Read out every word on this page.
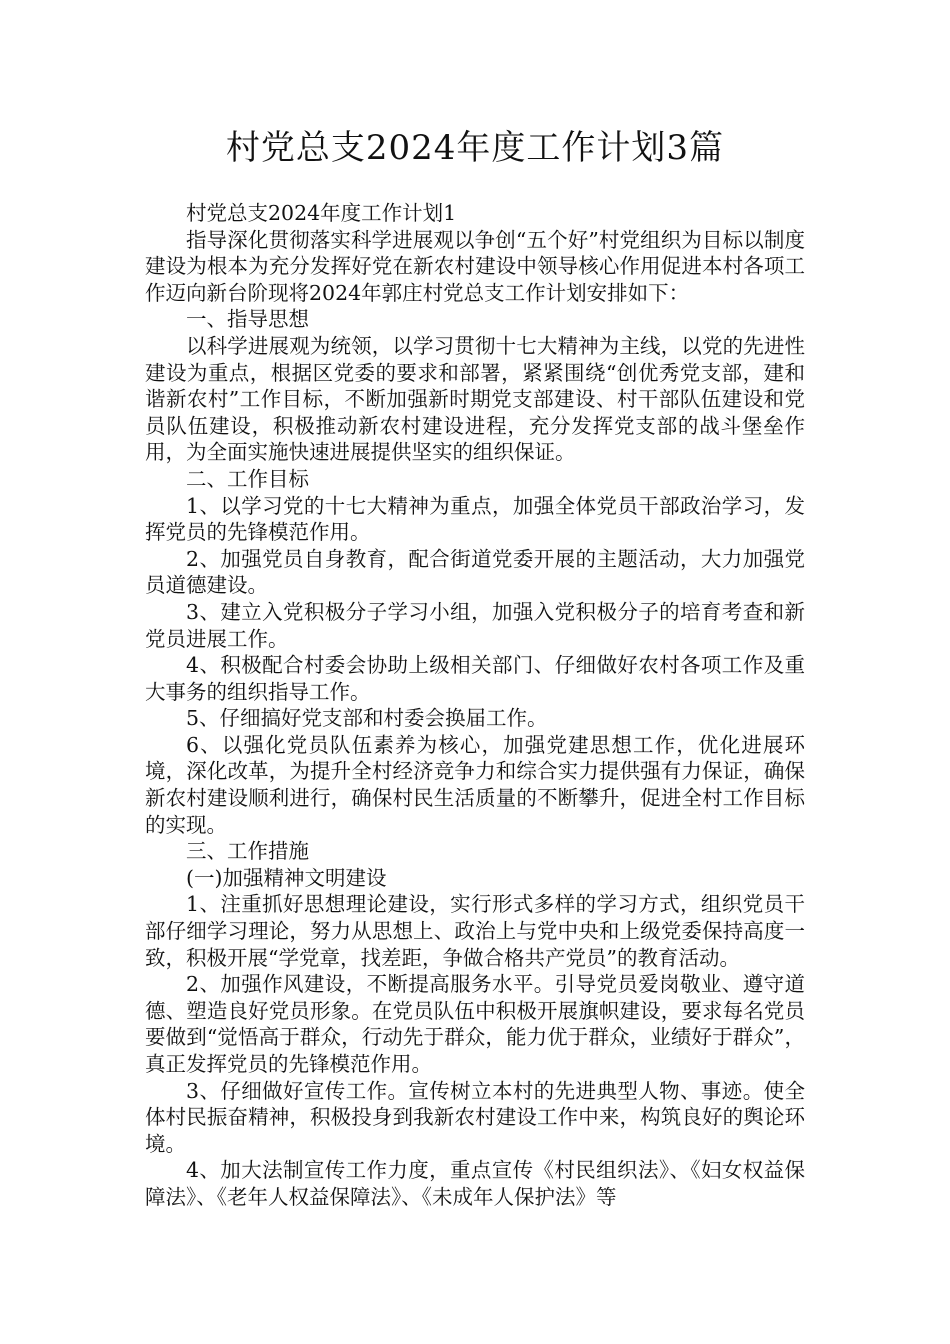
村党总支2024年度工作计划3篇

村党总支2024年度工作计划1

指导深化贯彻落实科学进展观以争创“五个好”村党组织为目标以制度建设为根本为充分发挥好党在新农村建设中领导核心作用促进本村各项工作迈向新台阶现将2024年郭庄村党总支工作计划安排如下：

一、指导思想

以科学进展观为统领，以学习贯彻十七大精神为主线，以党的先进性建设为重点，根据区党委的要求和部署，紧紧围绕“创优秀党支部，建和谐新农村”工作目标，不断加强新时期党支部建设、村干部队伍建设和党员队伍建设，积极推动新农村建设进程，充分发挥党支部的战斗堡垒作用，为全面实施快速进展提供坚实的组织保证。

二、工作目标

1、以学习党的十七大精神为重点，加强全体党员干部政治学习，发挥党员的先锋模范作用。

2、加强党员自身教育，配合街道党委开展的主题活动，大力加强党员道德建设。

3、建立入党积极分子学习小组，加强入党积极分子的培育考查和新党员进展工作。

4、积极配合村委会协助上级相关部门、仔细做好农村各项工作及重大事务的组织指导工作。

5、仔细搞好党支部和村委会换届工作。

6、以强化党员队伍素养为核心，加强党建思想工作，优化进展环境，深化改革，为提升全村经济竞争力和综合实力提供强有力保证，确保新农村建设顺利进行，确保村民生活质量的不断攀升，促进全村工作目标的实现。

三、工作措施

(一)加强精神文明建设

1、注重抓好思想理论建设，实行形式多样的学习方式，组织党员干部仔细学习理论，努力从思想上、政治上与党中央和上级党委保持高度一致，积极开展“学党章，找差距，争做合格共产党员”的教育活动。

2、加强作风建设，不断提高服务水平。引导党员爱岗敬业、遵守道德、塑造良好党员形象。在党员队伍中积极开展旗帜建设，要求每名党员要做到“觉悟高于群众，行动先于群众，能力优于群众，业绩好于群众”，真正发挥党员的先锋模范作用。

3、仔细做好宣传工作。宣传树立本村的先进典型人物、事迹。使全体村民振奋精神，积极投身到我新农村建设工作中来，构筑良好的舆论环境。

4、加大法制宣传工作力度，重点宣传《村民组织法》、《妇女权益保障法》、《老年人权益保障法》、《未成年人保护法》等
